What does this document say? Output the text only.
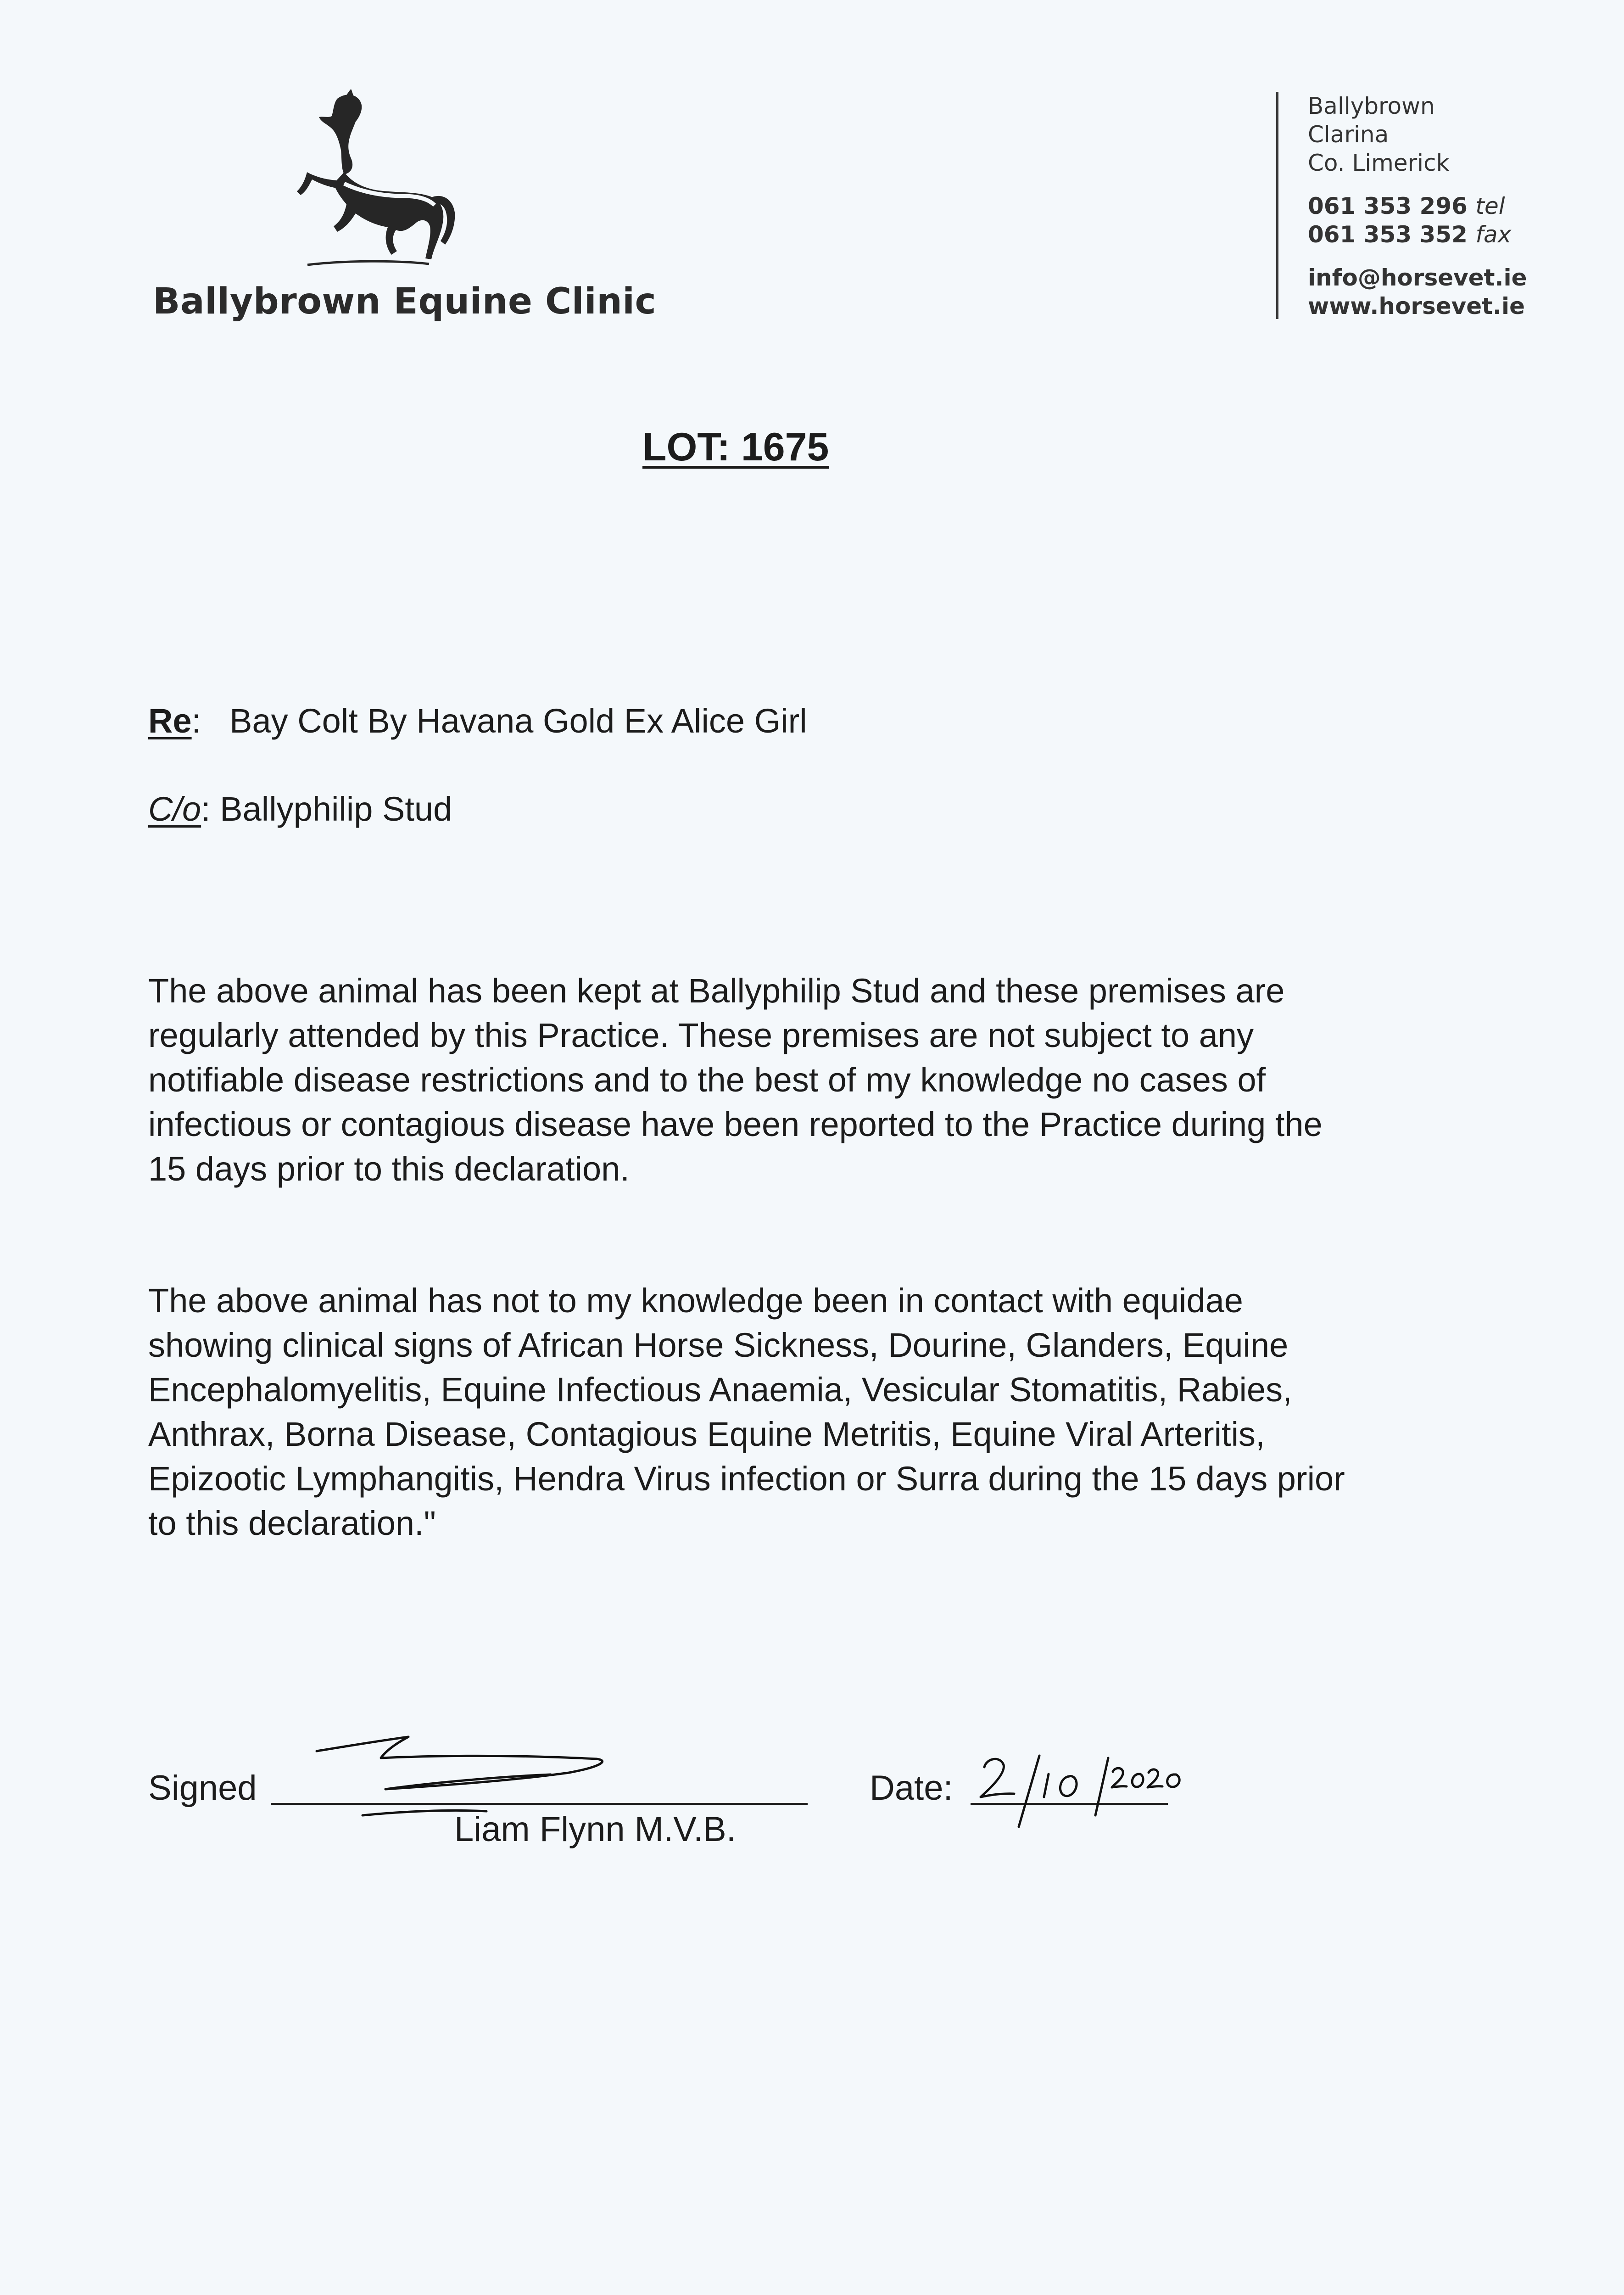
Ballybrown Equine Clinic
Ballybrown
Clarina
Co. Limerick
061 353 296 tel
061 353 352 fax
info@horsevet.ie
www.horsevet.ie
LOT: 1675
Re: Bay Colt By Havana Gold Ex Alice Girl
C/o: Ballyphilip Stud
The above animal has been kept at Ballyphilip Stud and these premises are regularly attended by this Practice. These premises are not subject to any notifiable disease restrictions and to the best of my knowledge no cases of infectious or contagious disease have been reported to the Practice during the 15 days prior to this declaration.
The above animal has not to my knowledge been in contact with equidae showing clinical signs of African Horse Sickness, Dourine, Glanders, Equine Encephalomyelitis, Equine Infectious Anaemia, Vesicular Stomatitis, Rabies, Anthrax, Borna Disease, Contagious Equine Metritis, Equine Viral Arteritis, Epizootic Lymphangitis, Hendra Virus infection or Surra during the 15 days prior to this declaration."
Signed
Liam Flynn M.V.B.
Date:
